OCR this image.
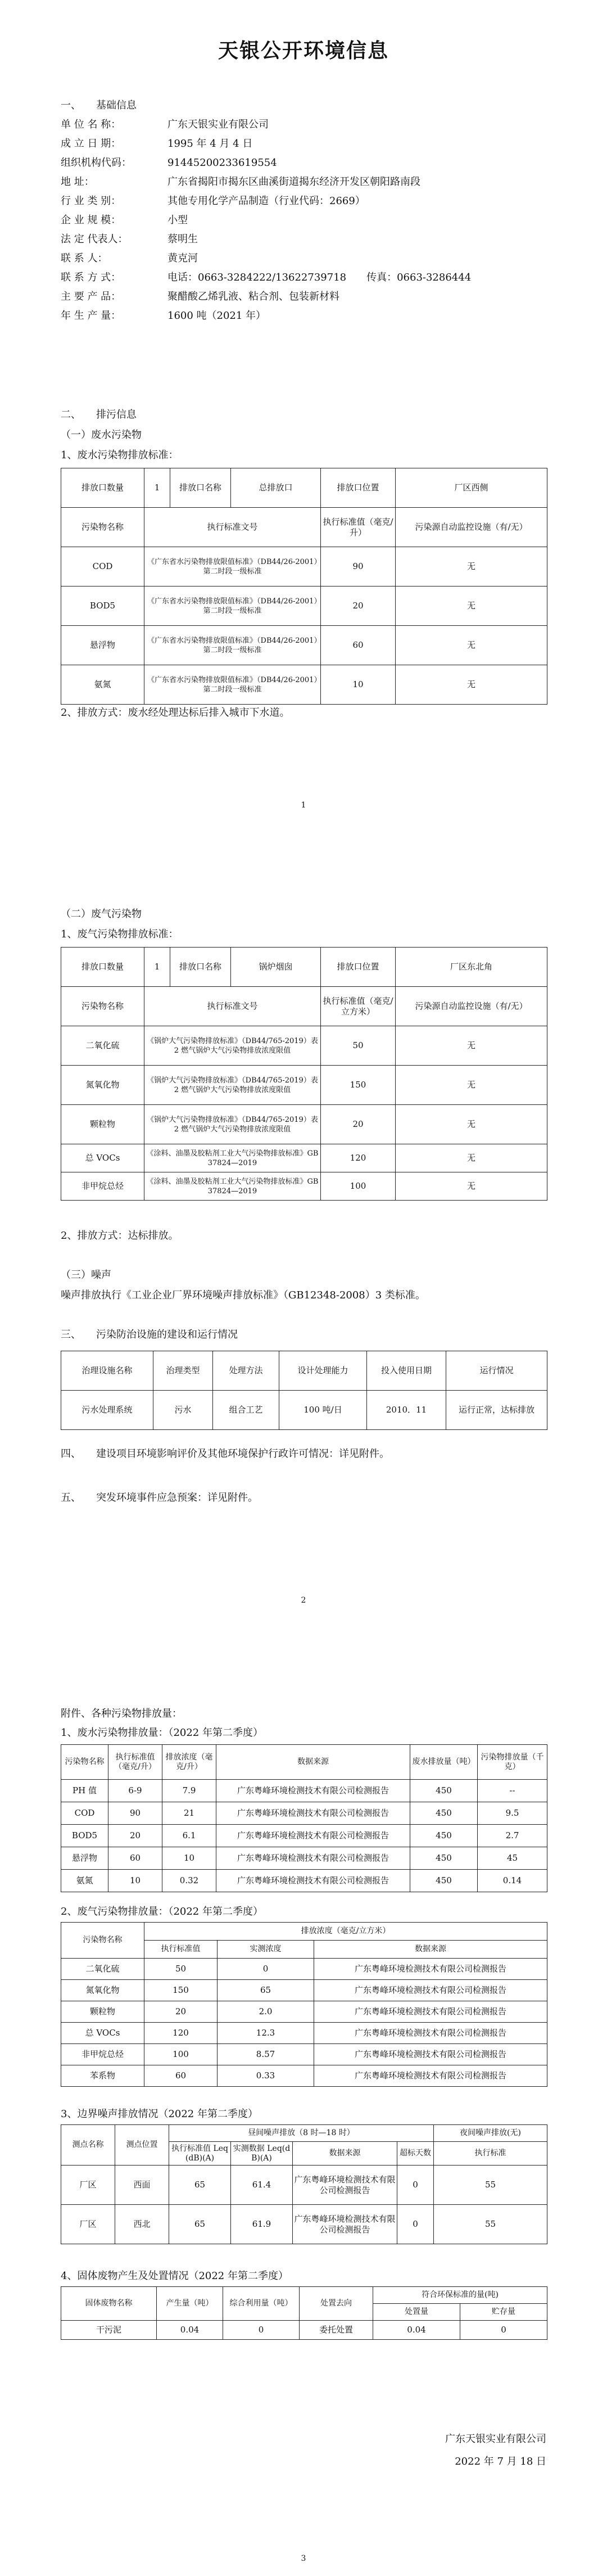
天银公开环境信息
一、　　基础信息
单 位 名 称：	广东天银实业有限公司
成 立 日 期：	1995 年 4 月 4 日
组织机构代码：	91445200233619554
地 址：	广东省揭阳市揭东区曲溪街道揭东经济开发区朝阳路南段
行 业 类 别：	其他专用化学产品制造（行业代码：2669）
企 业 规 模：	小型
法 定 代表人：	蔡明生
联 系 人：	黄克河
联 系 方 式：	电话：0663-3284222/13622739718　　传真：0663-3286444
主 要 产 品：	聚醋酸乙烯乳液、粘合剂、包装新材料
年 生 产 量：	1600 吨（2021 年）
二、　　排污信息
（一）废水污染物
1、废水污染物排放标准：
排放口数量	1	排放口名称	总排放口	排放口位置	厂区西侧
污染物名称	执行标准文号			执行标准值（毫克/升）	污染源自动监控设施（有/无）
COD	《广东省水污染物排放限值标准》（DB44/26-2001）第二时段一级标准			90	无
BOD5	《广东省水污染物排放限值标准》（DB44/26-2001）第二时段一级标准			20	无
悬浮物	《广东省水污染物排放限值标准》（DB44/26-2001）第二时段一级标准			60	无
氨氮	《广东省水污染物排放限值标准》（DB44/26-2001）第二时段一级标准			10	无
2、排放方式：废水经处理达标后排入城市下水道。
1
（二）废气污染物
1、废气污染物排放标准：
排放口数量	1	排放口名称	锅炉烟囱	排放口位置	厂区东北角
污染物名称	执行标准文号			执行标准值（毫克/立方米）	污染源自动监控设施（有/无）
二氧化硫	《锅炉大气污染物排放标准》（DB44/765-2019）表 2 燃气锅炉大气污染物排放浓度限值			50	无
氮氧化物	《锅炉大气污染物排放标准》（DB44/765-2019）表 2 燃气锅炉大气污染物排放浓度限值			150	无
颗粒物	《锅炉大气污染物排放标准》（DB44/765-2019）表 2 燃气锅炉大气污染物排放浓度限值			20	无
总 VOCs	《涂料、油墨及胶粘剂工业大气污染物排放标准》GB37824—2019			120	无
非甲烷总烃	《涂料、油墨及胶粘剂工业大气污染物排放标准》GB37824—2019			100	无
2、排放方式：达标排放。
（三）噪声
噪声排放执行《工业企业厂界环境噪声排放标准》（GB12348-2008）3 类标准。
三、　　污染防治设施的建设和运行情况
治理设施名称	治理类型	处理方法	设计处理能力	投入使用日期	运行情况
污水处理系统	污水	组合工艺	100 吨/日	2010．11	运行正常，达标排放
四、　　建设项目环境影响评价及其他环境保护行政许可情况：详见附件。
五、　　突发环境事件应急预案：详见附件。
2
附件、各种污染物排放量：
1、废水污染物排放量：（2022 年第二季度）
污染物名称	执行标准值（毫克/升）	排放浓度（毫克/升）	数据来源	废水排放量（吨）	污染物排放量（千克）
PH 值	6-9	7.9	广东粤峰环境检测技术有限公司检测报告	450	--
COD	90	21	广东粤峰环境检测技术有限公司检测报告	450	9.5
BOD5	20	6.1	广东粤峰环境检测技术有限公司检测报告	450	2.7
悬浮物	60	10	广东粤峰环境检测技术有限公司检测报告	450	45
氨氮	10	0.32	广东粤峰环境检测技术有限公司检测报告	450	0.14
2、废气污染物排放量：（2022 年第二季度）
污染物名称	排放浓度（毫克/立方米）		
	执行标准值	实测浓度	数据来源
二氧化硫	50	0	广东粤峰环境检测技术有限公司检测报告
氮氧化物	150	65	广东粤峰环境检测技术有限公司检测报告
颗粒物	20	2.0	广东粤峰环境检测技术有限公司检测报告
总 VOCs	120	12.3	广东粤峰环境检测技术有限公司检测报告
非甲烷总烃	100	8.57	广东粤峰环境检测技术有限公司检测报告
苯系物	60	0.33	广东粤峰环境检测技术有限公司检测报告
3、边界噪声排放情况（2022 年第二季度）
测点名称	测点位置	昼间噪声排放（8 时—18 时）				夜间噪声排放(无)
		执行标准值 Leq(dB)(A)	实测数据 Leq(dB)(A)	数据来源	超标天数	执行标准
厂区	西面	65	61.4	广东粤峰环境检测技术有限公司检测报告	0	55
厂区	西北	65	61.9	广东粤峰环境检测技术有限公司检测报告	0	55
4、固体废物产生及处置情况（2022 年第二季度）
固体废物名称	产生量（吨）	综合利用量（吨）	处置去向	符合环保标准的量(吨)	
				处置量	贮存量
干污泥	0.04	0	委托处置	0.04	0
广东天银实业有限公司
2022 年 7 月 18 日
3
